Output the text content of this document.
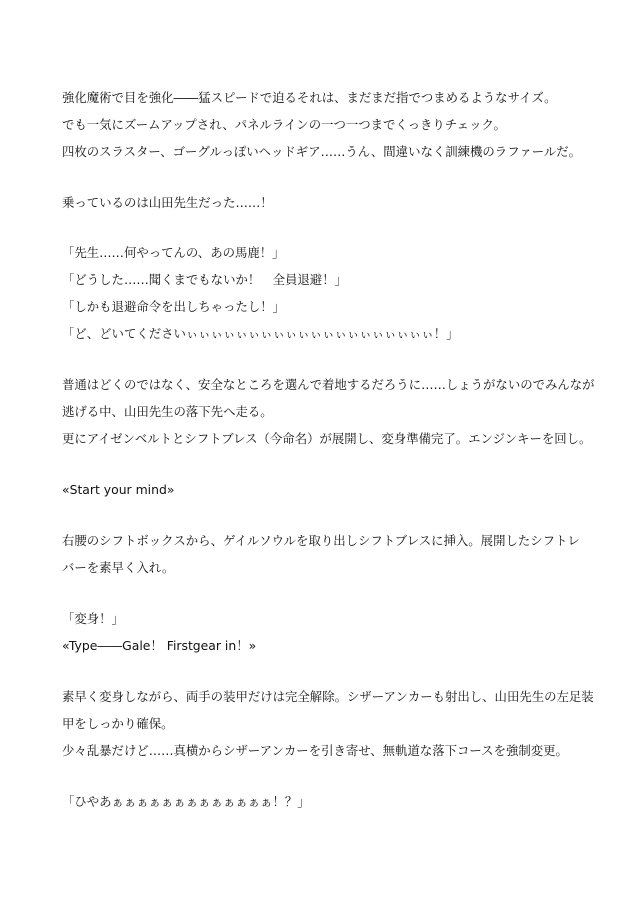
強化魔術で目を強化――猛スピードで迫るそれは、まだまだ指でつまめるようなサイズ。
でも一気にズームアップされ、パネルラインの一つ一つまでくっきりチェック。
四枚のスラスター、ゴーグルっぽいヘッドギア……うん、間違いなく訓練機のラファールだ。
乗っているのは山田先生だった……！
「先生……何やってんの、あの馬鹿！」
「どうした……聞くまでもないか！　全員退避！」
「しかも退避命令を出しちゃったし！」
「ど、どいてくださいぃぃぃぃぃぃぃぃぃぃぃぃぃぃぃぃぃぃぃぃ！」
普通はどくのではなく、安全なところを選んで着地するだろうに……しょうがないのでみんなが
逃げる中、山田先生の落下先へ走る。
更にアイゼンベルトとシフトブレス（今命名）が展開し、変身準備完了。エンジンキーを回し。
«Start your mind»
右腰のシフトボックスから、ゲイルソウルを取り出しシフトブレスに挿入。展開したシフトレ
バーを素早く入れ。
「変身！」
«Type――Gale！ Firstgear in！»
素早く変身しながら、両手の装甲だけは完全解除。シザーアンカーも射出し、山田先生の左足装
甲をしっかり確保。
少々乱暴だけど……真横からシザーアンカーを引き寄せ、無軌道な落下コースを強制変更。
「ひやあぁぁぁぁぁぁぁぁぁぁぁぁぁ！？」
